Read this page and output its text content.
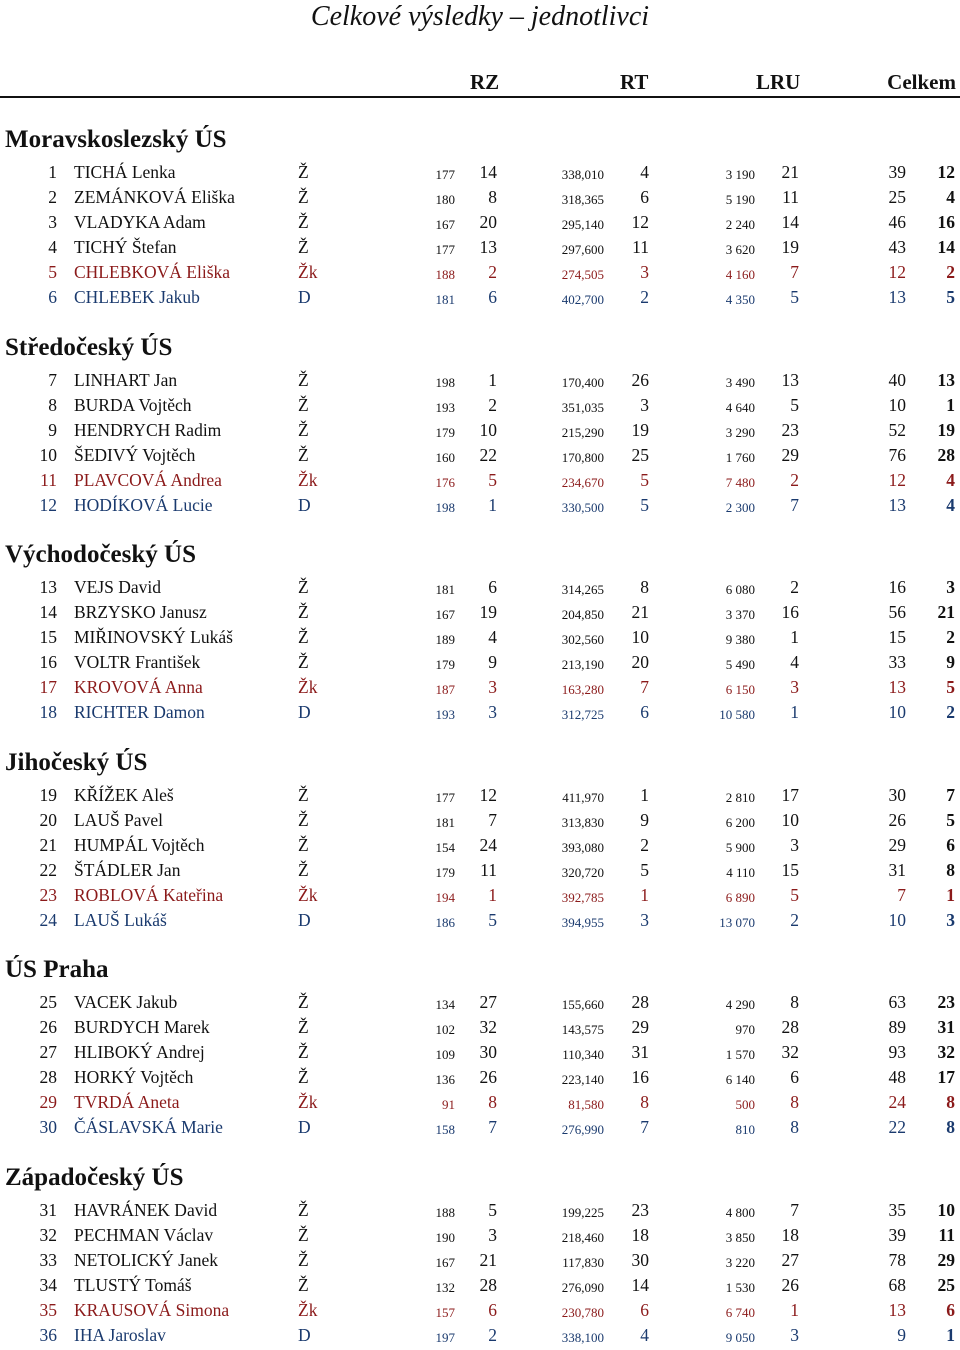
Celkové výsledky – jednotlivci
RZ	RT	LRU	Celkem
Moravskoslezský ÚS
1 TICHÁ Lenka	Ž	177 14	338,010 4	3 190 21	39 12
2 ZEMÁNKOVÁ Eliška	Ž	180 8	318,365 6	5 190 11	25 4
3 VLADYKA Adam	Ž	167 20	295,140 12	2 240 14	46 16
4 TICHÝ Štefan	Ž	177 13	297,600 11	3 620 19	43 14
5 CHLEBKOVÁ Eliška	Žk	188 2	274,505 3	4 160 7	12 2
6 CHLEBEK Jakub	D	181 6	402,700 2	4 350 5	13 5
Středočeský ÚS
7 LINHART Jan	Ž	198 1	170,400 26	3 490 13	40 13
8 BURDA Vojtěch	Ž	193 2	351,035 3	4 640 5	10 1
9 HENDRYCH Radim	Ž	179 10	215,290 19	3 290 23	52 19
10 ŠEDIVÝ Vojtěch	Ž	160 22	170,800 25	1 760 29	76 28
11 PLAVCOVÁ Andrea	Žk	176 5	234,670 5	7 480 2	12 4
12 HODÍKOVÁ Lucie	D	198 1	330,500 5	2 300 7	13 4
Východočeský ÚS
13 VEJS David	Ž	181 6	314,265 8	6 080 2	16 3
14 BRZYSKO Janusz	Ž	167 19	204,850 21	3 370 16	56 21
15 MIŘINOVSKÝ Lukáš	Ž	189 4	302,560 10	9 380 1	15 2
16 VOLTR František	Ž	179 9	213,190 20	5 490 4	33 9
17 KROVOVÁ Anna	Žk	187 3	163,280 7	6 150 3	13 5
18 RICHTER Damon	D	193 3	312,725 6	10 580 1	10 2
Jihočeský ÚS
19 KŘÍŽEK Aleš	Ž	177 12	411,970 1	2 810 17	30 7
20 LAUŠ Pavel	Ž	181 7	313,830 9	6 200 10	26 5
21 HUMPÁL Vojtěch	Ž	154 24	393,080 2	5 900 3	29 6
22 ŠTÁDLER Jan	Ž	179 11	320,720 5	4 110 15	31 8
23 ROBLOVÁ Kateřina	Žk	194 1	392,785 1	6 890 5	7 1
24 LAUŠ Lukáš	D	186 5	394,955 3	13 070 2	10 3
ÚS Praha
25 VACEK Jakub	Ž	134 27	155,660 28	4 290 8	63 23
26 BURDYCH Marek	Ž	102 32	143,575 29	970 28	89 31
27 HLIBOKÝ Andrej	Ž	109 30	110,340 31	1 570 32	93 32
28 HORKÝ Vojtěch	Ž	136 26	223,140 16	6 140 6	48 17
29 TVRDÁ Aneta	Žk	91 8	81,580 8	500 8	24 8
30 ČÁSLAVSKÁ Marie	D	158 7	276,990 7	810 8	22 8
Západočeský ÚS
31 HAVRÁNEK David	Ž	188 5	199,225 23	4 800 7	35 10
32 PECHMAN Václav	Ž	190 3	218,460 18	3 850 18	39 11
33 NETOLICKÝ Janek	Ž	167 21	117,830 30	3 220 27	78 29
34 TLUSTÝ Tomáš	Ž	132 28	276,090 14	1 530 26	68 25
35 KRAUSOVÁ Simona	Žk	157 6	230,780 6	6 740 1	13 6
36 IHA Jaroslav	D	197 2	338,100 4	9 050 3	9 1
